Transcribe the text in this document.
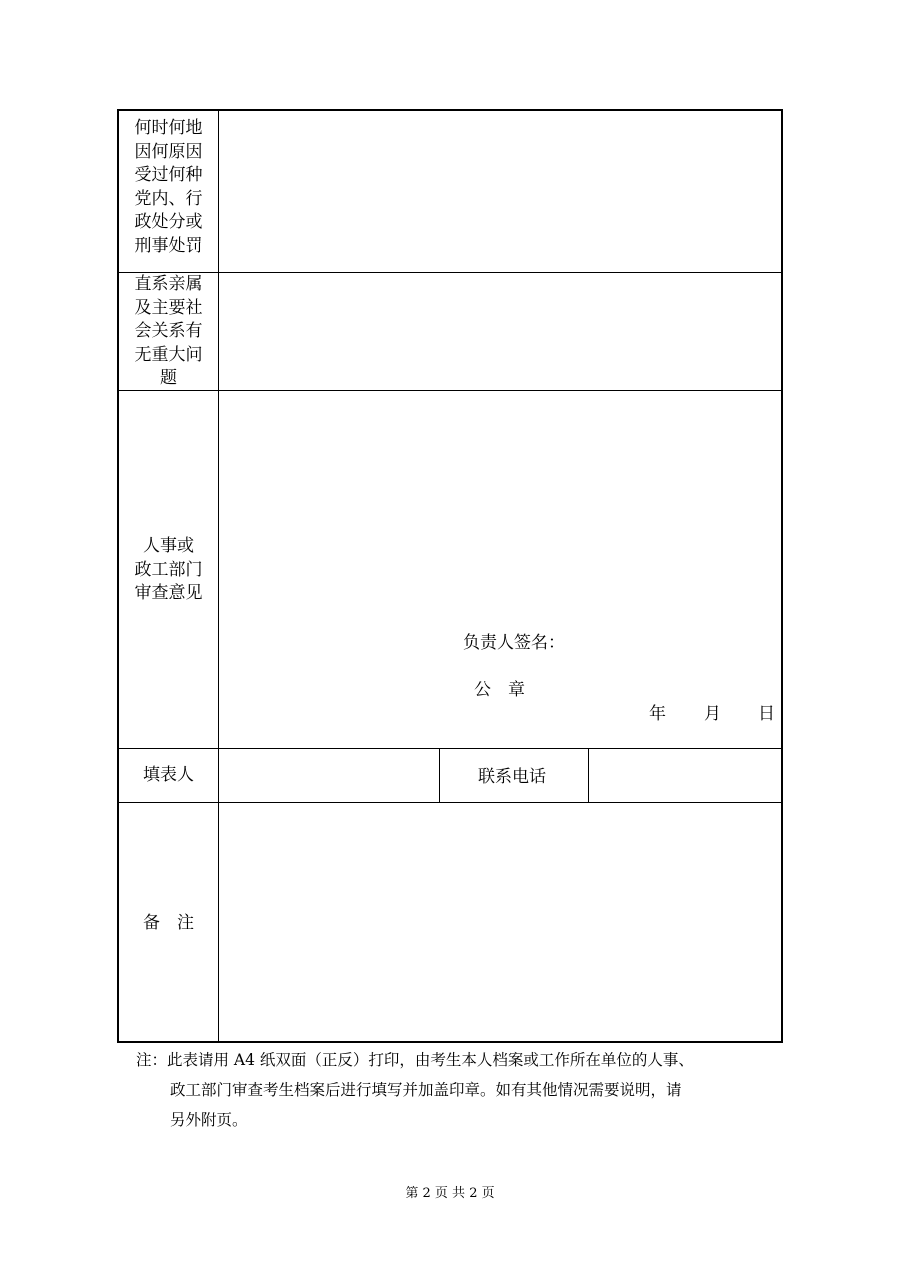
何时何地
因何原因
受过何种
党内、行
政处分或
刑事处罚
直系亲属
及主要社
会关系有
无重大问
题
人事或
政工部门
审查意见
负责人签名：
公　章
年 月 日
填表人	联系电话
备　注
注：此表请用 A4 纸双面（正反）打印，由考生本人档案或工作所在单位的人事、
政工部门审查考生档案后进行填写并加盖印章。如有其他情况需要说明，请
另外附页。
第 2 页 共 2 页
